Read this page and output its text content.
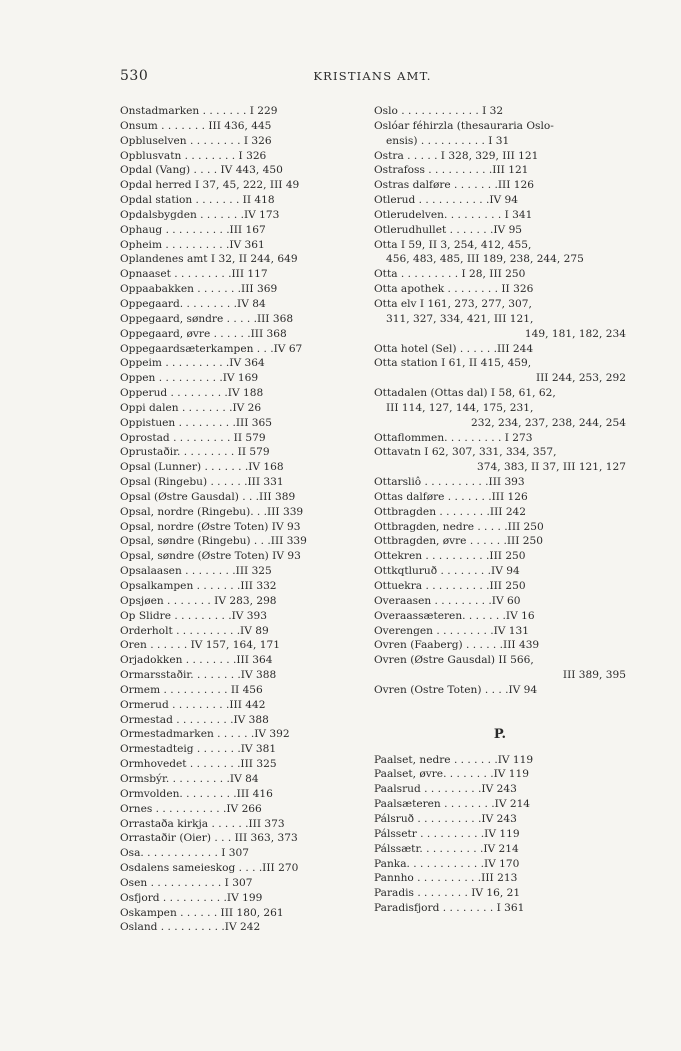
530	KRISTIANS AMT.
Onstadmarken . . . . . . . I 229
Onsum . . . . . . . III 436, 445
Opbluselven . . . . . . . . I 326
Opblusvatn . . . . . . . . I 326
Opdal (Vang) . . . . IV 443, 450
Opdal herred I 37, 45, 222, III 49
Opdal station . . . . . . . II 418
Opdalsbygden . . . . . . .IV 173
Ophaug . . . . . . . . . .III 167
Opheim . . . . . . . . . .IV 361
Oplandenes amt I 32, II 244, 649
Opnaaset . . . . . . . . .III 117
Oppaabakken . . . . . . .III 369
Oppegaard. . . . . . . . .IV 84
Oppegaard, søndre . . . . .III 368
Oppegaard, øvre . . . . . .III 368
Oppegaardsæterkampen . . .IV 67
Oppeim . . . . . . . . . .IV 364
Oppen . . . . . . . . . .IV 169
Opperud . . . . . . . . .IV 188
Oppi dalen . . . . . . . .IV 26
Oppistuen . . . . . . . . .III 365
Oprostad . . . . . . . . . II 579
Oprustaðir. . . . . . . . . II 579
Opsal (Lunner) . . . . . . .IV 168
Opsal (Ringebu) . . . . . .III 331
Opsal (Østre Gausdal) . . .III 389
Opsal, nordre (Ringebu). . .III 339
Opsal, nordre (Østre Toten) IV 93
Opsal, søndre (Ringebu) . . .III 339
Opsal, søndre (Østre Toten) IV 93
Opsalaasen . . . . . . . .III 325
Opsalkampen . . . . . . .III 332
Opsjøen . . . . . . . IV 283, 298
Op Slidre . . . . . . . . .IV 393
Orderholt . . . . . . . . . .IV 89
Oren . . . . . . IV 157, 164, 171
Orjadokken . . . . . . . .III 364
Ormarsstaðir. . . . . . . .IV 388
Ormem . . . . . . . . . . II 456
Ormerud . . . . . . . . .III 442
Ormestad . . . . . . . . .IV 388
Ormestadmarken . . . . . .IV 392
Ormestadteig . . . . . . .IV 381
Ormhovedet . . . . . . . .III 325
Ormsbýr. . . . . . . . . .IV 84
Ormvolden. . . . . . . . .III 416
Ornes . . . . . . . . . . .IV 266
Orrastaða kirkja . . . . . .III 373
Orrastaðir (Oier) . . . III 363, 373
Osa. . . . . . . . . . . . I 307
Osdalens sameieskog . . . .III 270
Osen . . . . . . . . . . . I 307
Osfjord . . . . . . . . . .IV 199
Oskampen . . . . . . III 180, 261
Osland . . . . . . . . . .IV 242
Oslo . . . . . . . . . . . . I 32
Oslóar féhirzla (thesauraria Oslo-
ensis) . . . . . . . . . . I 31
Ostra . . . . . I 328, 329, III 121
Ostrafoss . . . . . . . . . .III 121
Ostras dalføre . . . . . . .III 126
Otlerud . . . . . . . . . . .IV 94
Otlerudelven. . . . . . . . . I 341
Otlerudhullet . . . . . . .IV 95
Otta I 59, II 3, 254, 412, 455,
456, 483, 485, III 189, 238, 244, 275
Otta . . . . . . . . . I 28, III 250
Otta apothek . . . . . . . . II 326
Otta elv I 161, 273, 277, 307,
311, 327, 334, 421, III 121,
149, 181, 182, 234
Otta hotel (Sel) . . . . . .III 244
Otta station I 61, II 415, 459,
III 244, 253, 292
Ottadalen (Ottas dal) I 58, 61, 62,
III 114, 127, 144, 175, 231,
232, 234, 237, 238, 244, 254
Ottaflommen. . . . . . . . . I 273
Ottavatn I 62, 307, 331, 334, 357,
374, 383, II 37, III 121, 127
Ottarsliô . . . . . . . . . .III 393
Ottas dalføre . . . . . . .III 126
Ottbragden . . . . . . . .III 242
Ottbragden, nedre . . . . .III 250
Ottbragden, øvre . . . . . .III 250
Ottekren . . . . . . . . . .III 250
Ottkqtluruð . . . . . . . .IV 94
Ottuekra . . . . . . . . . .III 250
Overaasen . . . . . . . . .IV 60
Overaassæteren. . . . . . .IV 16
Overengen . . . . . . . . .IV 131
Ovren (Faaberg) . . . . . .III 439
Ovren (Østre Gausdal) II 566,
III 389, 395
Ovren (Ostre Toten) . . . .IV 94
P.
Paalset, nedre . . . . . . .IV 119
Paalset, øvre. . . . . . . .IV 119
Paalsrud . . . . . . . . .IV 243
Paalsæteren . . . . . . . .IV 214
Pálsruð . . . . . . . . . .IV 243
Pálssetr . . . . . . . . . .IV 119
Pálssætr. . . . . . . . . .IV 214
Panka. . . . . . . . . . . .IV 170
Pannho . . . . . . . . . .III 213
Paradis . . . . . . . . IV 16, 21
Paradisfjord . . . . . . . . I 361
